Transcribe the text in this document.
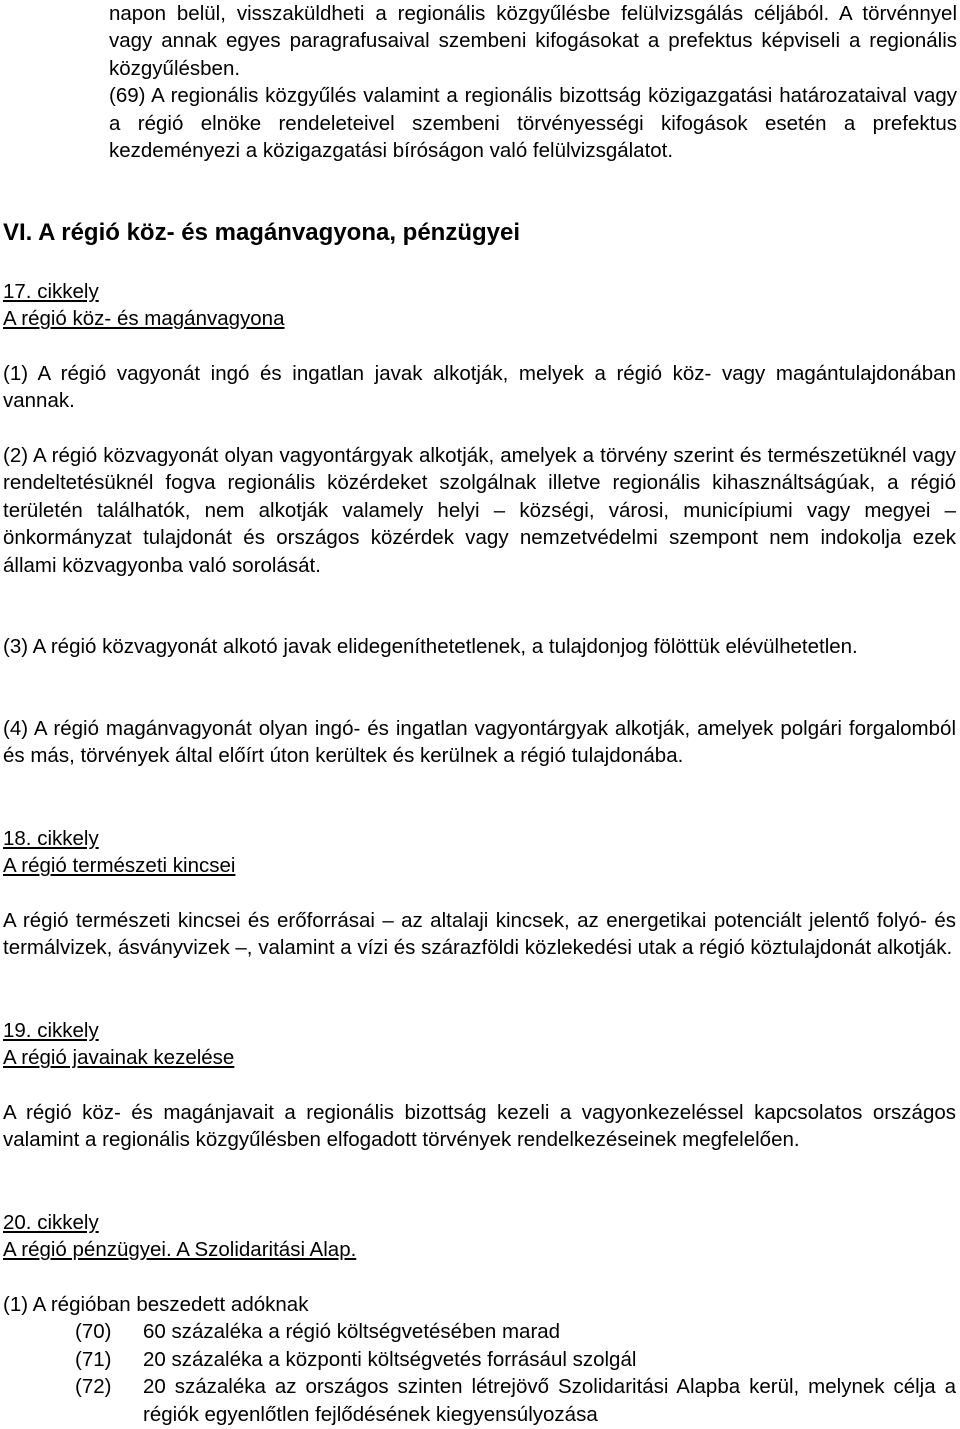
napon belül, visszaküldheti a regionális közgyűlésbe felülvizsgálás céljából. A törvénnyel vagy annak egyes paragrafusaival szembeni kifogásokat a prefektus képviseli a regionális közgyűlésben.

(69) A regionális közgyűlés valamint a regionális bizottság közigazgatási határozataival vagy a régió elnöke rendeleteivel szembeni törvényességi kifogások esetén a prefektus kezdeményezi a közigazgatási bíróságon való felülvizsgálatot.

VI. A régió köz- és magánvagyona, pénzügyei

17. cikkely

A régió köz- és magánvagyona

(1) A régió vagyonát ingó és ingatlan javak alkotják, melyek a régió köz- vagy magántulajdonában vannak.

(2) A régió közvagyonát olyan vagyontárgyak alkotják, amelyek a törvény szerint és természetüknél vagy rendeltetésüknél fogva regionális közérdeket szolgálnak illetve regionális kihasználtságúak, a régió területén találhatók, nem alkotják valamely helyi – községi, városi, municípiumi vagy megyei – önkormányzat tulajdonát és országos közérdek vagy nemzetvédelmi szempont nem indokolja ezek állami közvagyonba való sorolását.

(3) A régió közvagyonát alkotó javak elidegeníthetetlenek, a tulajdonjog fölöttük elévülhetetlen.

(4) A régió magánvagyonát olyan ingó- és ingatlan vagyontárgyak alkotják, amelyek polgári forgalomból és más, törvények által előírt úton kerültek és kerülnek a régió tulajdonába.

18. cikkely

A régió természeti kincsei

A régió természeti kincsei és erőforrásai – az altalaji kincsek, az energetikai potenciált jelentő folyó- és termálvizek, ásványvizek –, valamint a vízi és szárazföldi közlekedési utak a régió köztulajdonát alkotják.

19. cikkely

A régió javainak kezelése

A régió köz- és magánjavait a regionális bizottság kezeli a vagyonkezeléssel kapcsolatos országos valamint a regionális közgyűlésben elfogadott törvények rendelkezéseinek megfelelően.

20. cikkely

A régió pénzügyei. A Szolidaritási Alap.

(1) A régióban beszedett adóknak

(70)	60 százaléka a régió költségvetésében marad
(71)	20 százaléka a központi költségvetés forrásául szolgál
(72)	20 százaléka az országos szinten létrejövő Szolidaritási Alapba kerül, melynek célja a régiók egyenlőtlen fejlődésének kiegyensúlyozása
